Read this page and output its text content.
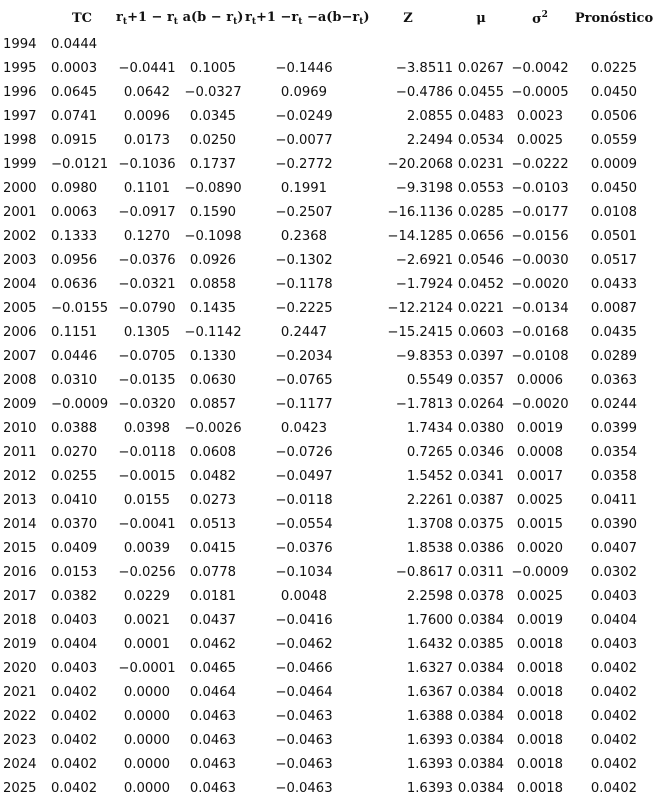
	TC	$r_t+1 - r_t$	$a(b - r_t)$	$r_t+1 -r_t -a(b-r_t)$	Z	μ	$\sigma^2$	Pronóstico
1994	0.0444							
1995	0.0003	−0.0441	0.1005	−0.1446	−3.8511	0.0267	−0.0042	0.0225
1996	0.0645	0.0642	−0.0327	0.0969	−0.4786	0.0455	−0.0005	0.0450
1997	0.0741	0.0096	0.0345	−0.0249	2.0855	0.0483	0.0023	0.0506
1998	0.0915	0.0173	0.0250	−0.0077	2.2494	0.0534	0.0025	0.0559
1999	−0.0121	−0.1036	0.1737	−0.2772	−20.2068	0.0231	−0.0222	0.0009
2000	0.0980	0.1101	−0.0890	0.1991	−9.3198	0.0553	−0.0103	0.0450
2001	0.0063	−0.0917	0.1590	−0.2507	−16.1136	0.0285	−0.0177	0.0108
2002	0.1333	0.1270	−0.1098	0.2368	−14.1285	0.0656	−0.0156	0.0501
2003	0.0956	−0.0376	0.0926	−0.1302	−2.6921	0.0546	−0.0030	0.0517
2004	0.0636	−0.0321	0.0858	−0.1178	−1.7924	0.0452	−0.0020	0.0433
2005	−0.0155	−0.0790	0.1435	−0.2225	−12.2124	0.0221	−0.0134	0.0087
2006	0.1151	0.1305	−0.1142	0.2447	−15.2415	0.0603	−0.0168	0.0435
2007	0.0446	−0.0705	0.1330	−0.2034	−9.8353	0.0397	−0.0108	0.0289
2008	0.0310	−0.0135	0.0630	−0.0765	0.5549	0.0357	0.0006	0.0363
2009	−0.0009	−0.0320	0.0857	−0.1177	−1.7813	0.0264	−0.0020	0.0244
2010	0.0388	0.0398	−0.0026	0.0423	1.7434	0.0380	0.0019	0.0399
2011	0.0270	−0.0118	0.0608	−0.0726	0.7265	0.0346	0.0008	0.0354
2012	0.0255	−0.0015	0.0482	−0.0497	1.5452	0.0341	0.0017	0.0358
2013	0.0410	0.0155	0.0273	−0.0118	2.2261	0.0387	0.0025	0.0411
2014	0.0370	−0.0041	0.0513	−0.0554	1.3708	0.0375	0.0015	0.0390
2015	0.0409	0.0039	0.0415	−0.0376	1.8538	0.0386	0.0020	0.0407
2016	0.0153	−0.0256	0.0778	−0.1034	−0.8617	0.0311	−0.0009	0.0302
2017	0.0382	0.0229	0.0181	0.0048	2.2598	0.0378	0.0025	0.0403
2018	0.0403	0.0021	0.0437	−0.0416	1.7600	0.0384	0.0019	0.0404
2019	0.0404	0.0001	0.0462	−0.0462	1.6432	0.0385	0.0018	0.0403
2020	0.0403	−0.0001	0.0465	−0.0466	1.6327	0.0384	0.0018	0.0402
2021	0.0402	0.0000	0.0464	−0.0464	1.6367	0.0384	0.0018	0.0402
2022	0.0402	0.0000	0.0463	−0.0463	1.6388	0.0384	0.0018	0.0402
2023	0.0402	0.0000	0.0463	−0.0463	1.6393	0.0384	0.0018	0.0402
2024	0.0402	0.0000	0.0463	−0.0463	1.6393	0.0384	0.0018	0.0402
2025	0.0402	0.0000	0.0463	−0.0463	1.6393	0.0384	0.0018	0.0402
